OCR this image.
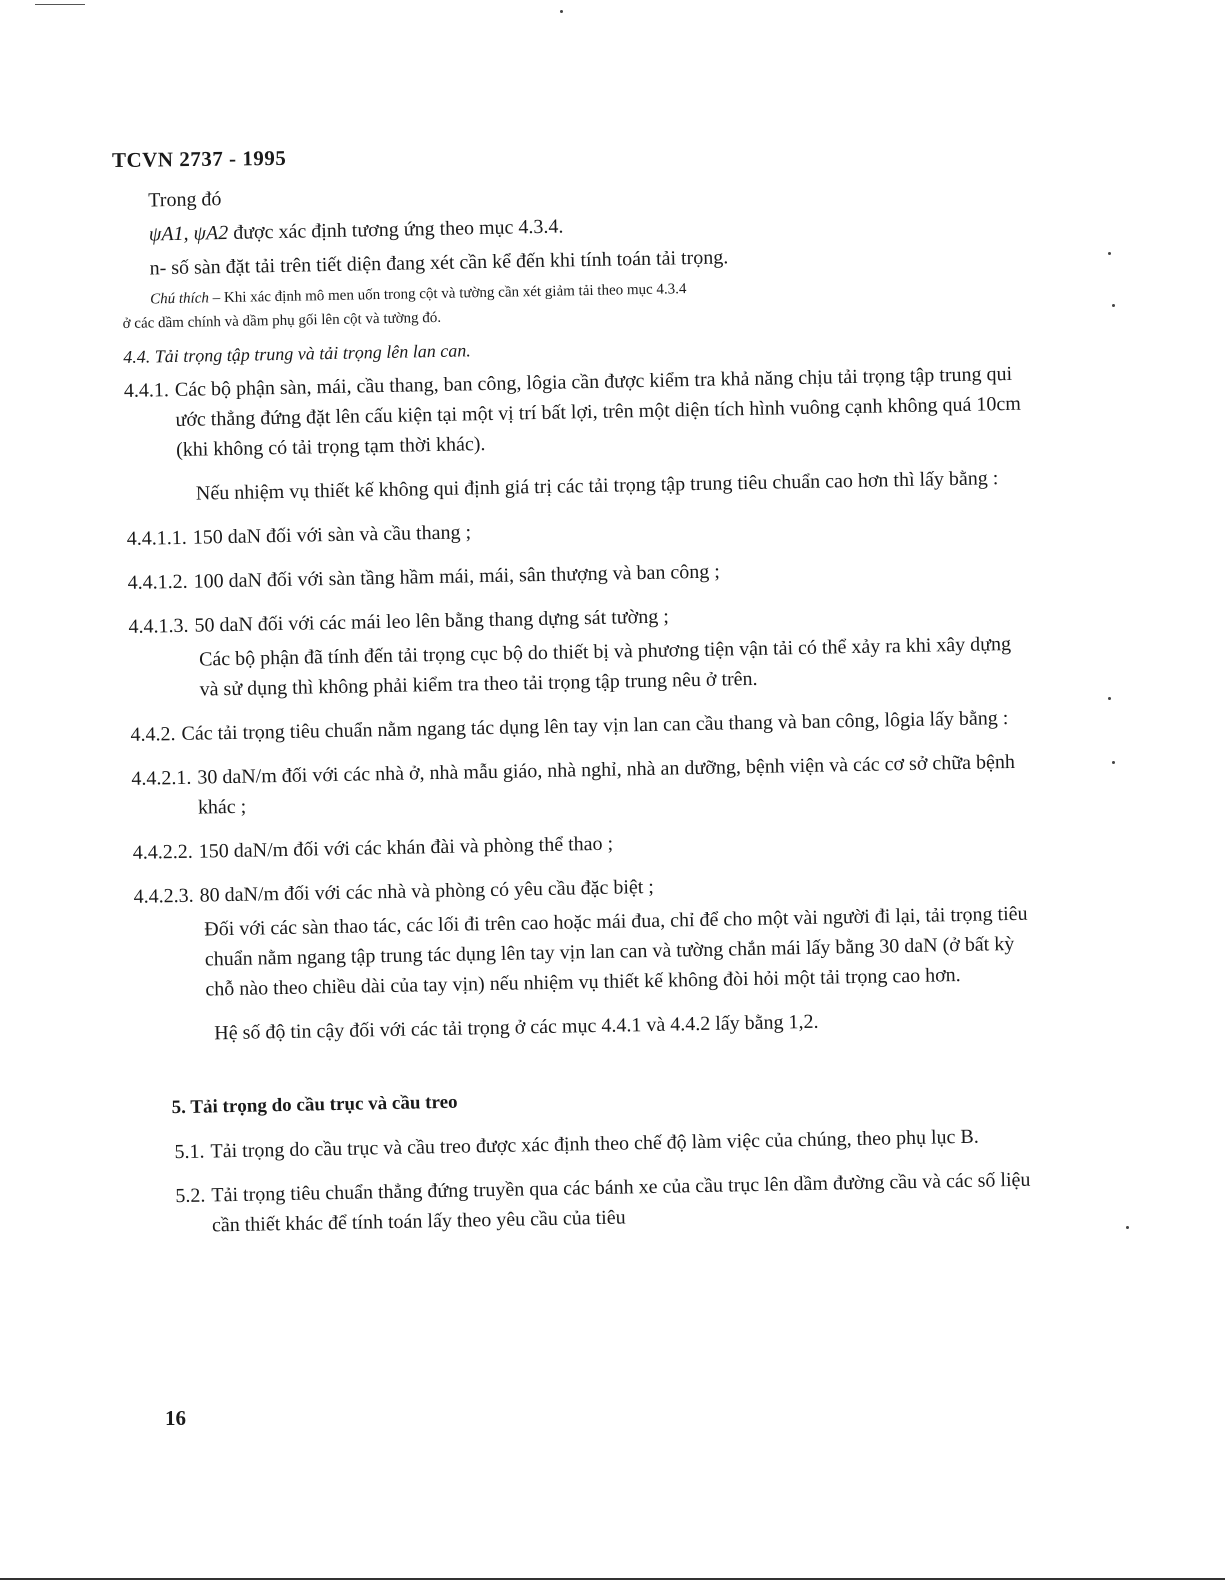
TCVN 2737 - 1995
Trong đó
ψA1, ψA2 được xác định tương ứng theo mục 4.3.4.
n- số sàn đặt tải trên tiết diện đang xét cần kể đến khi tính toán tải trọng.
Chú thích – Khi xác định mô men uốn trong cột và tường cần xét giảm tải theo mục 4.3.4
ở các dầm chính và dầm phụ gối lên cột và tường đó.
4.4. Tải trọng tập trung và tải trọng lên lan can.
4.4.1. Các bộ phận sàn, mái, cầu thang, ban công, lôgia cần được kiểm tra khả năng chịu tải trọng tập trung qui ước thẳng đứng đặt lên cấu kiện tại một vị trí bất lợi, trên một diện tích hình vuông cạnh không quá 10cm (khi không có tải trọng tạm thời khác).
Nếu nhiệm vụ thiết kế không qui định giá trị các tải trọng tập trung tiêu chuẩn cao hơn thì lấy bằng :
4.4.1.1. 150 daN đối với sàn và cầu thang ;
4.4.1.2. 100 daN đối với sàn tầng hầm mái, mái, sân thượng và ban công ;
4.4.1.3. 50 daN đối với các mái leo lên bằng thang dựng sát tường ;
Các bộ phận đã tính đến tải trọng cục bộ do thiết bị và phương tiện vận tải có thể xảy ra khi xây dựng và sử dụng thì không phải kiểm tra theo tải trọng tập trung nêu ở trên.
4.4.2. Các tải trọng tiêu chuẩn nằm ngang tác dụng lên tay vịn lan can cầu thang và ban công, lôgia lấy bằng :
4.4.2.1. 30 daN/m đối với các nhà ở, nhà mẫu giáo, nhà nghỉ, nhà an dưỡng, bệnh viện và các cơ sở chữa bệnh khác ;
4.4.2.2. 150 daN/m đối với các khán đài và phòng thể thao ;
4.4.2.3. 80 daN/m đối với các nhà và phòng có yêu cầu đặc biệt ;
Đối với các sàn thao tác, các lối đi trên cao hoặc mái đua, chỉ để cho một vài người đi lại, tải trọng tiêu chuẩn nằm ngang tập trung tác dụng lên tay vịn lan can và tường chắn mái lấy bằng 30 daN (ở bất kỳ chỗ nào theo chiều dài của tay vịn) nếu nhiệm vụ thiết kế không đòi hỏi một tải trọng cao hơn.
Hệ số độ tin cậy đối với các tải trọng ở các mục 4.4.1 và 4.4.2 lấy bằng 1,2.
5. Tải trọng do cầu trục và cầu treo
5.1. Tải trọng do cầu trục và cầu treo được xác định theo chế độ làm việc của chúng, theo phụ lục B.
5.2. Tải trọng tiêu chuẩn thẳng đứng truyền qua các bánh xe của cầu trục lên dầm đường cầu và các số liệu cần thiết khác để tính toán lấy theo yêu cầu của tiêu
16
